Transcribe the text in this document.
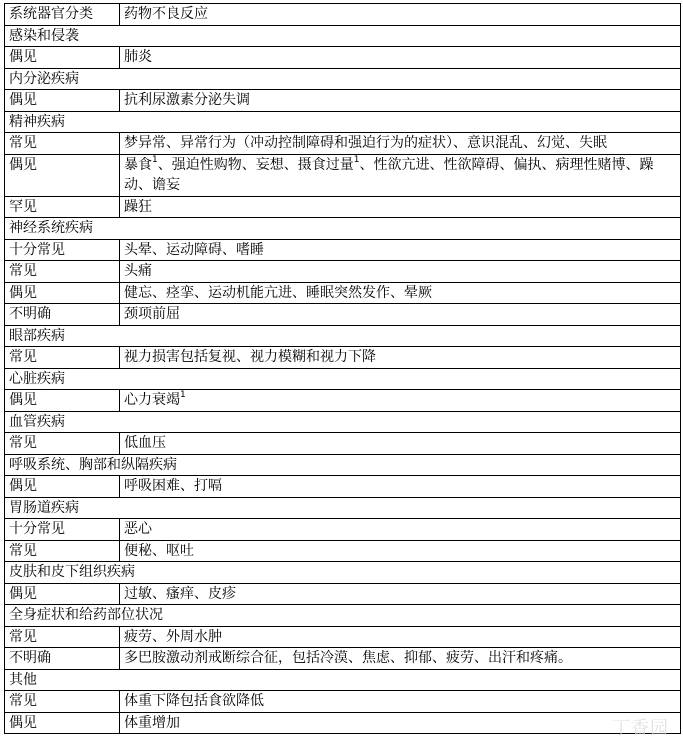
系统器官分类	药物不良反应
感染和侵袭	
偶见	肺炎
内分泌疾病	
偶见	抗利尿激素分泌失调
精神疾病	
常见	梦异常、异常行为（冲动控制障碍和强迫行为的症状）、意识混乱、幻觉、失眠
偶见	暴食$^1$、强迫性购物、妄想、摄食过量$^1$、性欲亢进、性欲障碍、偏执、病理性赌博、躁动、谵妄
罕见	躁狂
神经系统疾病	
十分常见	头晕、运动障碍、嗜睡
常见	头痛
偶见	健忘、痉挛、运动机能亢进、睡眠突然发作、晕厥
不明确	颈项前屈
眼部疾病	
常见	视力损害包括复视、视力模糊和视力下降
心脏疾病	
偶见	心力衰竭$^1$
血管疾病	
常见	低血压
呼吸系统、胸部和纵隔疾病	
偶见	呼吸困难、打嗝
胃肠道疾病	
十分常见	恶心
常见	便秘、呕吐
皮肤和皮下组织疾病	
偶见	过敏、瘙痒、皮疹
全身症状和给药部位状况	
常见	疲劳、外周水肿
不明确	多巴胺激动剂戒断综合征，包括冷漠、焦虑、抑郁、疲劳、出汗和疼痛。
其他	
常见	体重下降包括食欲降低
偶见	体重增加	丁香园
